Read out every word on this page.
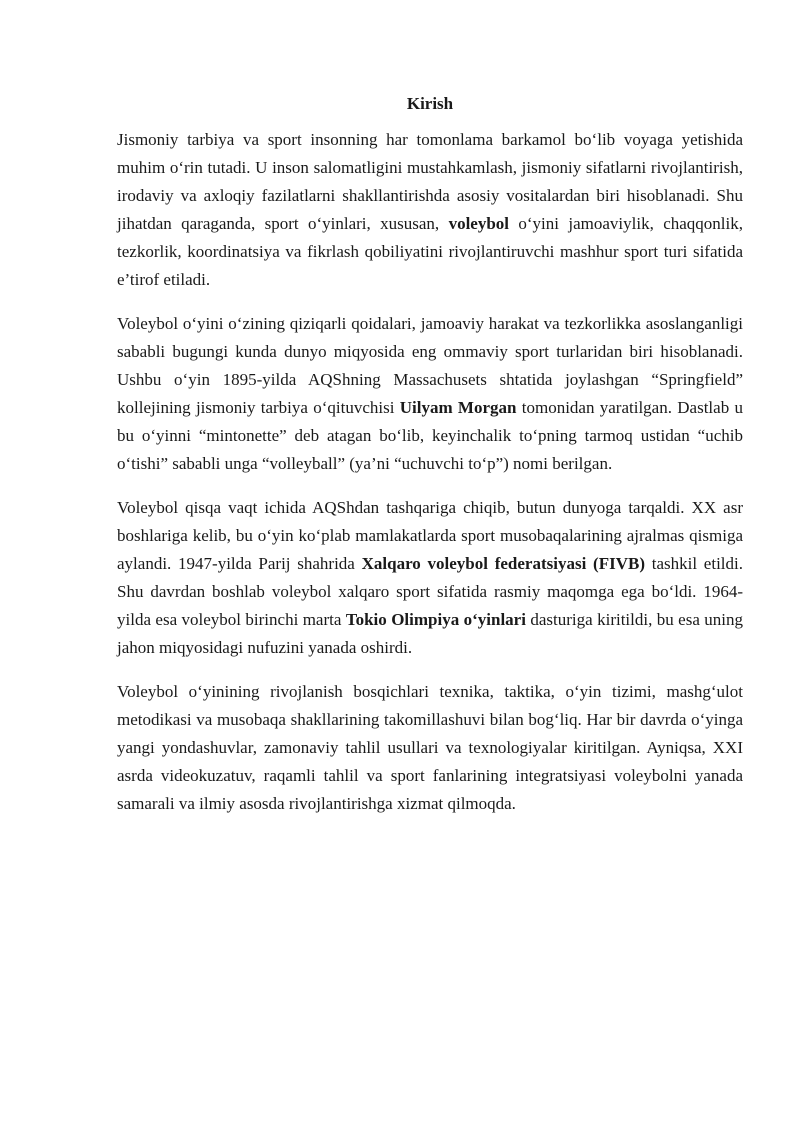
Kirish
Jismoniy tarbiya va sport insonning har tomonlama barkamol bo‘lib voyaga yetishida muhim o‘rin tutadi. U inson salomatligini mustahkamlash, jismoniy sifatlarni rivojlantirish, irodaviy va axloqiy fazilatlarni shakllantirishda asosiy vositalardan biri hisoblanadi. Shu jihatdan qaraganda, sport o‘yinlari, xususan, voleybol o‘yini jamoaviylik, chaqqonlik, tezkorlik, koordinatsiya va fikrlash qobiliyatini rivojlantiruvchi mashhur sport turi sifatida e’tirof etiladi.
Voleybol o‘yini o‘zining qiziqarli qoidalari, jamoaviy harakat va tezkorlikka asoslanganligi sababli bugungi kunda dunyo miqyosida eng ommaviy sport turlaridan biri hisoblanadi. Ushbu o‘yin 1895-yilda AQShning Massachusets shtatida joylashgan “Springfield” kollejining jismoniy tarbiya o‘qituvchisi Uilyam Morgan tomonidan yaratilgan. Dastlab u bu o‘yinni “mintonette” deb atagan bo‘lib, keyinchalik to‘pning tarmoq ustidan “uchib o‘tishi” sababli unga “volleyball” (ya’ni “uchuvchi to‘p”) nomi berilgan.
Voleybol qisqa vaqt ichida AQShdan tashqariga chiqib, butun dunyoga tarqaldi. XX asr boshlariga kelib, bu o‘yin ko‘plab mamlakatlarda sport musobaqalarining ajralmas qismiga aylandi. 1947-yilda Parij shahrida Xalqaro voleybol federatsiyasi (FIVB) tashkil etildi. Shu davrdan boshlab voleybol xalqaro sport sifatida rasmiy maqomga ega bo‘ldi. 1964-yilda esa voleybol birinchi marta Tokio Olimpiya o‘yinlari dasturiga kiritildi, bu esa uning jahon miqyosidagi nufuzini yanada oshirdi.
Voleybol o‘yinining rivojlanish bosqichlari texnika, taktika, o‘yin tizimi, mashg‘ulot metodikasi va musobaqa shakllarining takomillashuvi bilan bog‘liq. Har bir davrda o‘yinga yangi yondashuvlar, zamonaviy tahlil usullari va texnologiyalar kiritilgan. Ayniqsa, XXI asrda videokuzatuv, raqamli tahlil va sport fanlarining integratsiyasi voleybolni yanada samarali va ilmiy asosda rivojlantirishga xizmat qilmoqda.
